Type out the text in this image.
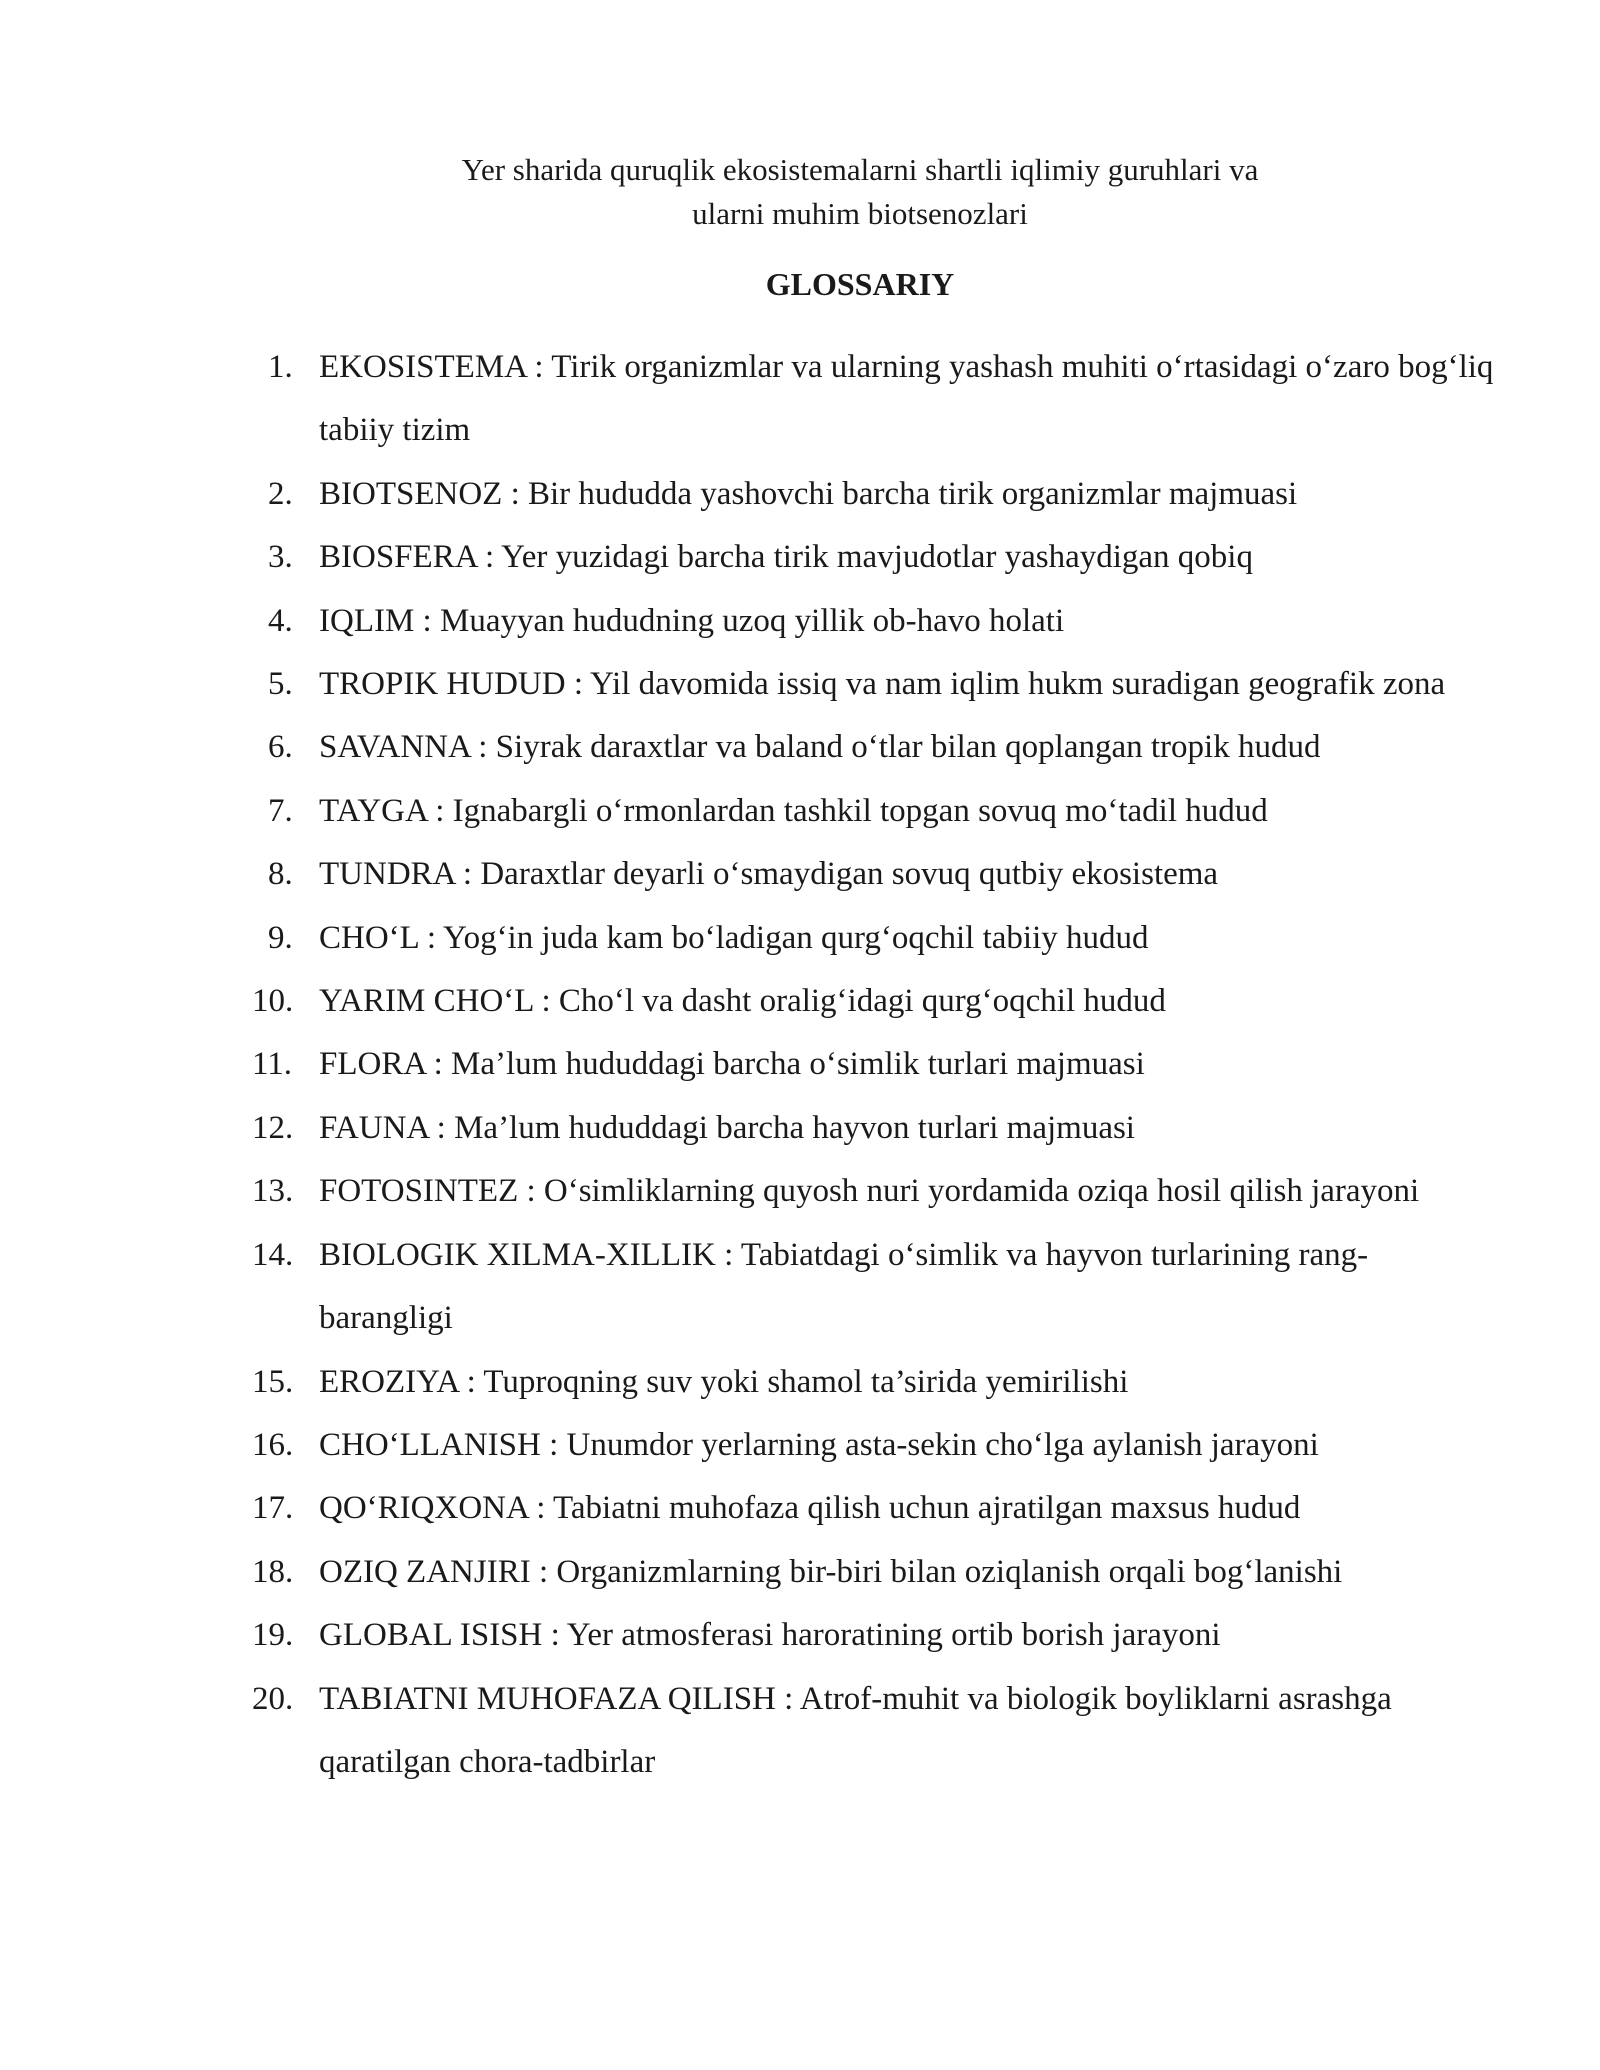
Yer sharida quruqlik ekosistemalarni shartli iqlimiy guruhlari va
ularni muhim biotsenozlari
GLOSSARIY
1. EKOSISTEMA : Tirik organizmlar va ularning yashash muhiti o‘rtasidagi o‘zaro bog‘liq tabiiy tizim
2. BIOTSENOZ : Bir hududda yashovchi barcha tirik organizmlar majmuasi
3. BIOSFERA : Yer yuzidagi barcha tirik mavjudotlar yashaydigan qobiq
4. IQLIM : Muayyan hududning uzoq yillik ob-havo holati
5. TROPIK HUDUD : Yil davomida issiq va nam iqlim hukm suradigan geografik zona
6. SAVANNA : Siyrak daraxtlar va baland o‘tlar bilan qoplangan tropik hudud
7. TAYGA : Ignabargli o‘rmonlardan tashkil topgan sovuq mo‘tadil hudud
8. TUNDRA : Daraxtlar deyarli o‘smaydigan sovuq qutbiy ekosistema
9. CHO‘L : Yog‘in juda kam bo‘ladigan qurg‘oqchil tabiiy hudud
10. YARIM CHO‘L : Cho‘l va dasht oralig‘idagi qurg‘oqchil hudud
11. FLORA : Ma’lum hududdagi barcha o‘simlik turlari majmuasi
12. FAUNA : Ma’lum hududdagi barcha hayvon turlari majmuasi
13. FOTOSINTEZ : O‘simliklarning quyosh nuri yordamida oziqa hosil qilish jarayoni
14. BIOLOGIK XILMA-XILLIK : Tabiatdagi o‘simlik va hayvon turlarining rang-barangligi
15. EROZIYA : Tuproqning suv yoki shamol ta’sirida yemirilishi
16. CHO‘LLANISH : Unumdor yerlarning asta-sekin cho‘lga aylanish jarayoni
17. QO‘RIQXONA : Tabiatni muhofaza qilish uchun ajratilgan maxsus hudud
18. OZIQ ZANJIRI : Organizmlarning bir-biri bilan oziqlanish orqali bog‘lanishi
19. GLOBAL ISISH : Yer atmosferasi haroratining ortib borish jarayoni
20. TABIATNI MUHOFAZA QILISH : Atrof-muhit va biologik boyliklarni asrashga qaratilgan chora-tadbirlar
